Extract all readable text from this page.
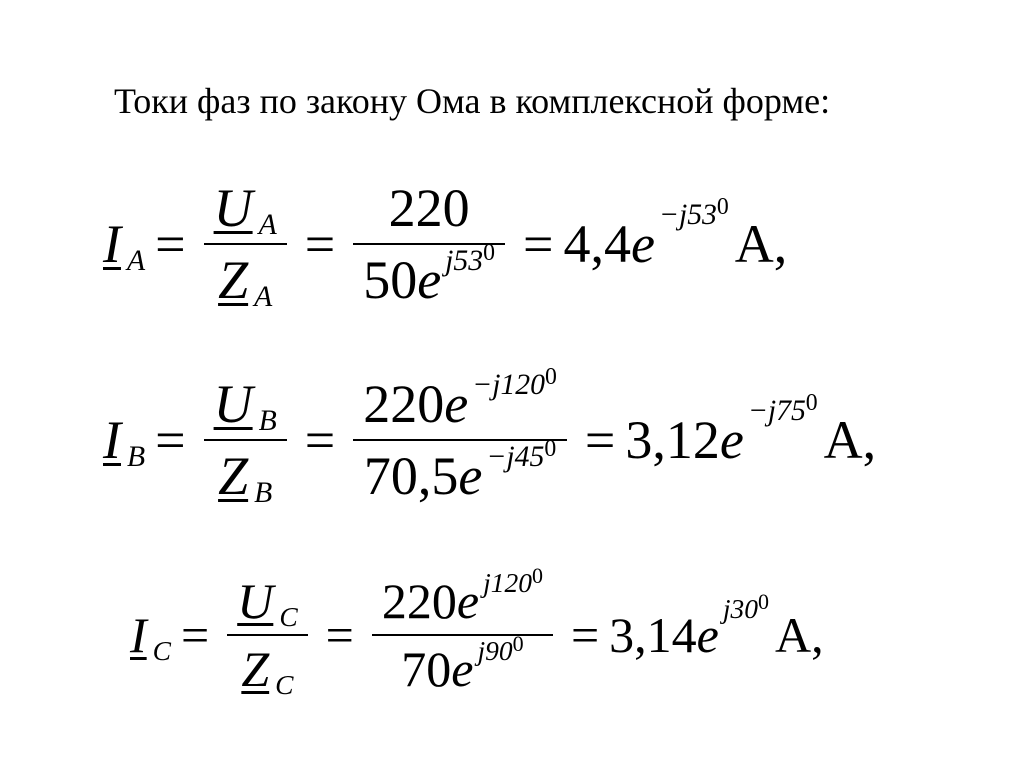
Токи фаз по закону Ома в комплексной форме:
I $A = \frac{\text{U A}}{\text{Z A}} = \frac{220}{50 e j53^0} = 4,4$ $e -j53^0$
A,
I $B = \frac{\text{U B}}{\text{Z B}} = \frac{220 e -j120^0}{70,5 e -j45^0} = 3,12$ $e -j75^0$
A,
I $C = \frac{\text{U C}}{\text{Z C}} = \frac{220 e j120^0}{70 e j90^0} = 3,14$ e $j30^0$
A,
